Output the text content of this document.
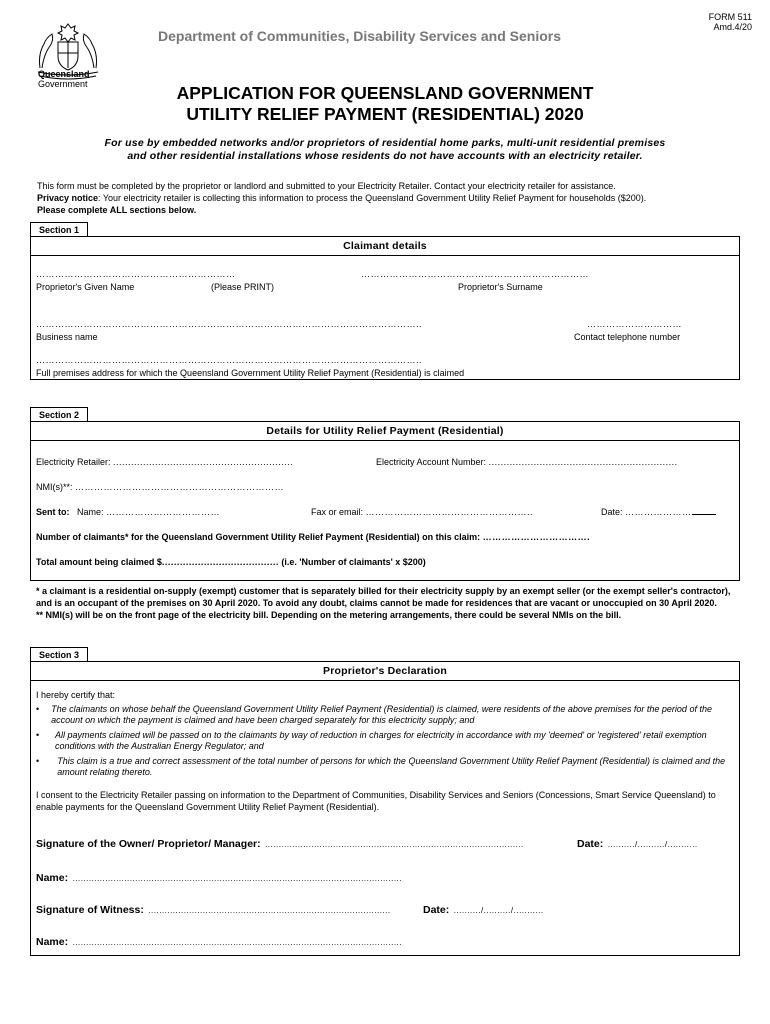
Queensland
Government
Department of Communities, Disability Services and Seniors
FORM 511
Amd.4/20
APPLICATION FOR QUEENSLAND GOVERNMENT
UTILITY RELIEF PAYMENT (RESIDENTIAL) 2020
For use by embedded networks and/or proprietors of residential home parks, multi-unit residential premises
and other residential installations whose residents do not have accounts with an electricity retailer.
This form must be completed by the proprietor or landlord and submitted to your Electricity Retailer. Contact your electricity retailer for assistance.
Privacy notice: Your electricity retailer is collecting this information to process the Queensland Government Utility Relief Payment for households ($200).
Please complete ALL sections below.
Section 1
Claimant details
………………………………………………………	………………………………………………………………
Proprietor's Given Name	(Please PRINT)	Proprietor's Surname
…………………………………………………………………………………………………………..	…………………………
Business name	Contact telephone number
…………………………………………………………………………………………………………..
Full premises address for which the Queensland Government Utility Relief Payment (Residential) is claimed
Section 2
Details for Utility Relief Payment (Residential)
Electricity Retailer: ............................................................	Electricity Account Number: ...............................................................
NMI(s)**: …………………………………………………………
Sent to: Name: ………………………………	Fax or email: ……………………………………………..	Date: …………………
Number of claimants* for the Queensland Government Utility Relief Payment (Residential) on this claim: …………………………….
Total amount being claimed $....................................... (i.e. 'Number of claimants' x $200)
* a claimant is a residential on-supply (exempt) customer that is separately billed for their electricity supply by an exempt seller (or the exempt seller's contractor), and is an occupant of the premises on 30 April 2020. To avoid any doubt, claims cannot be made for residences that are vacant or unoccupied on 30 April 2020.
** NMI(s) will be on the front page of the electricity bill. Depending on the metering arrangements, there could be several NMIs on the bill.
Section 3
Proprietor's Declaration
I hereby certify that:
•	The claimants on whose behalf the Queensland Government Utility Relief Payment (Residential) is claimed, were residents of the above premises for the period of the account on which the payment is claimed and have been charged separately for this electricity supply; and
•	All payments claimed will be passed on to the claimants by way of reduction in charges for electricity in accordance with my 'deemed' or 'registered' retail exemption conditions with the Australian Energy Regulator; and
•	This claim is a true and correct assessment of the total number of persons for which the Queensland Government Utility Relief Payment (Residential) is claimed and the amount relating thereto.
I consent to the Electricity Retailer passing on information to the Department of Communities, Disability Services and Seniors (Concessions, Smart Service Queensland) to enable payments for the Queensland Government Utility Relief Payment (Residential).
Signature of the Owner/ Proprietor/ Manager: ...............................................................................................	Date: ........../........../...........
Name: .........................................................................................................................
Signature of Witness: .........................................................................................	Date: ........../........../...........
Name: .........................................................................................................................
